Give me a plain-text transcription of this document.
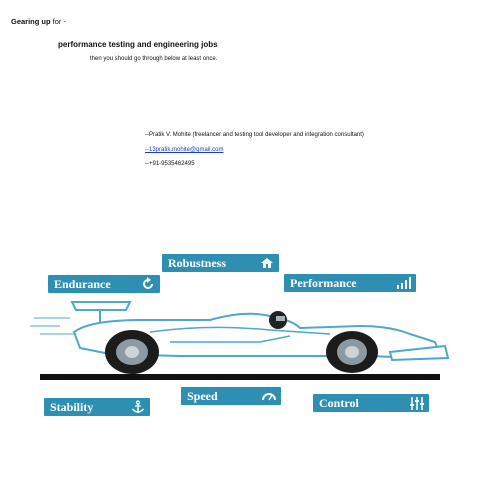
Gearing up for -
performance testing and engineering jobs
then you should go through below at least once.
--Pratik V. Mohite (freelancer and testing tool developer and integration consultant)
--13pratik.mohite@gmail.com
--+91-9535462495
Robustness
Endurance	Performance
Speed
Stability	Control
